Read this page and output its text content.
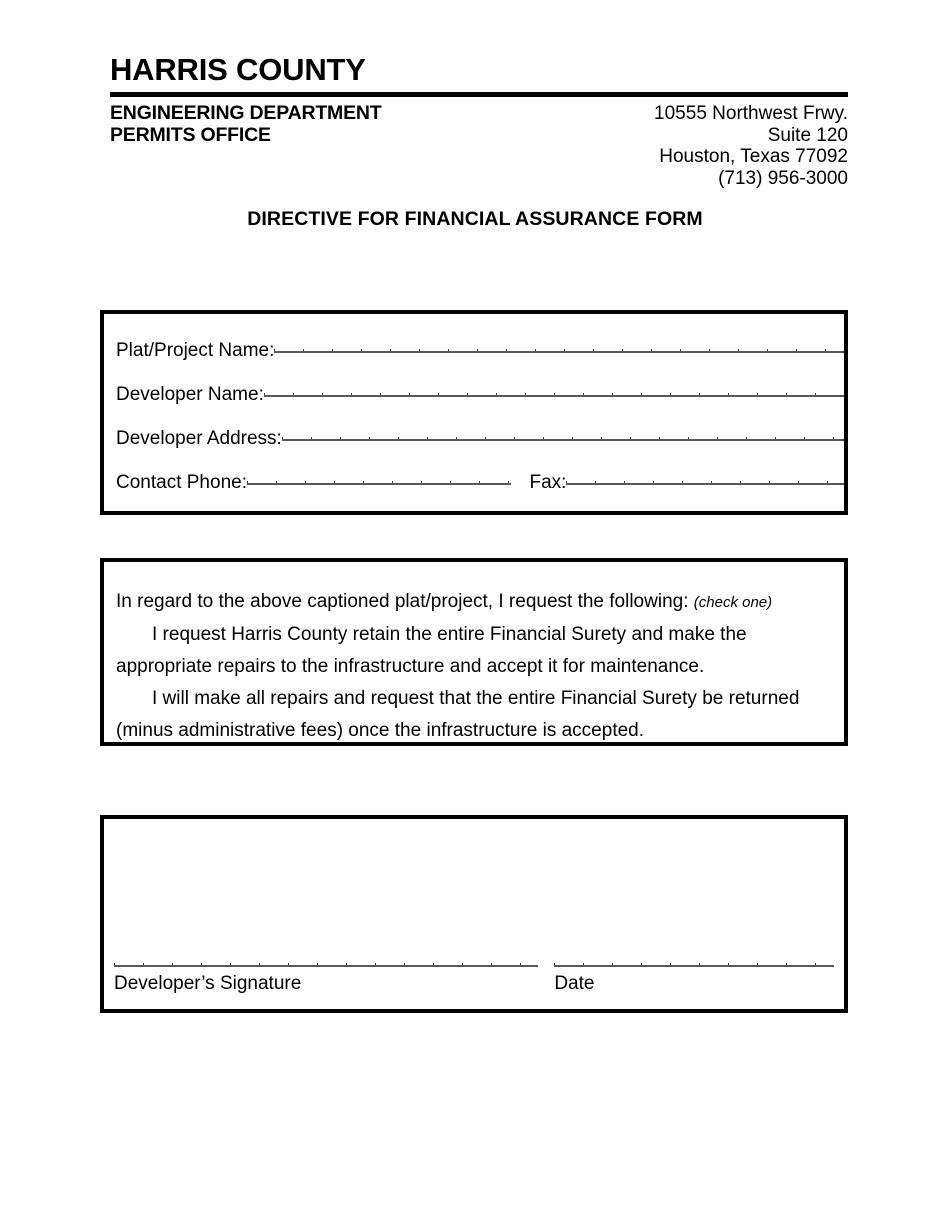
HARRIS COUNTY
ENGINEERING DEPARTMENT
PERMITS OFFICE
10555 Northwest Frwy.
Suite 120
Houston, Texas 77092
(713) 956-3000
DIRECTIVE FOR FINANCIAL ASSURANCE FORM
Plat/Project Name:
Developer Name:
Developer Address:
Contact Phone:	Fax:

In regard to the above captioned plat/project, I request the following: (check one)

I request Harris County retain the entire Financial Surety and make the appropriate repairs to the infrastructure and accept it for maintenance.

I will make all repairs and request that the entire Financial Surety be returned (minus administrative fees) once the infrastructure is accepted.

Developer’s Signature	Date
